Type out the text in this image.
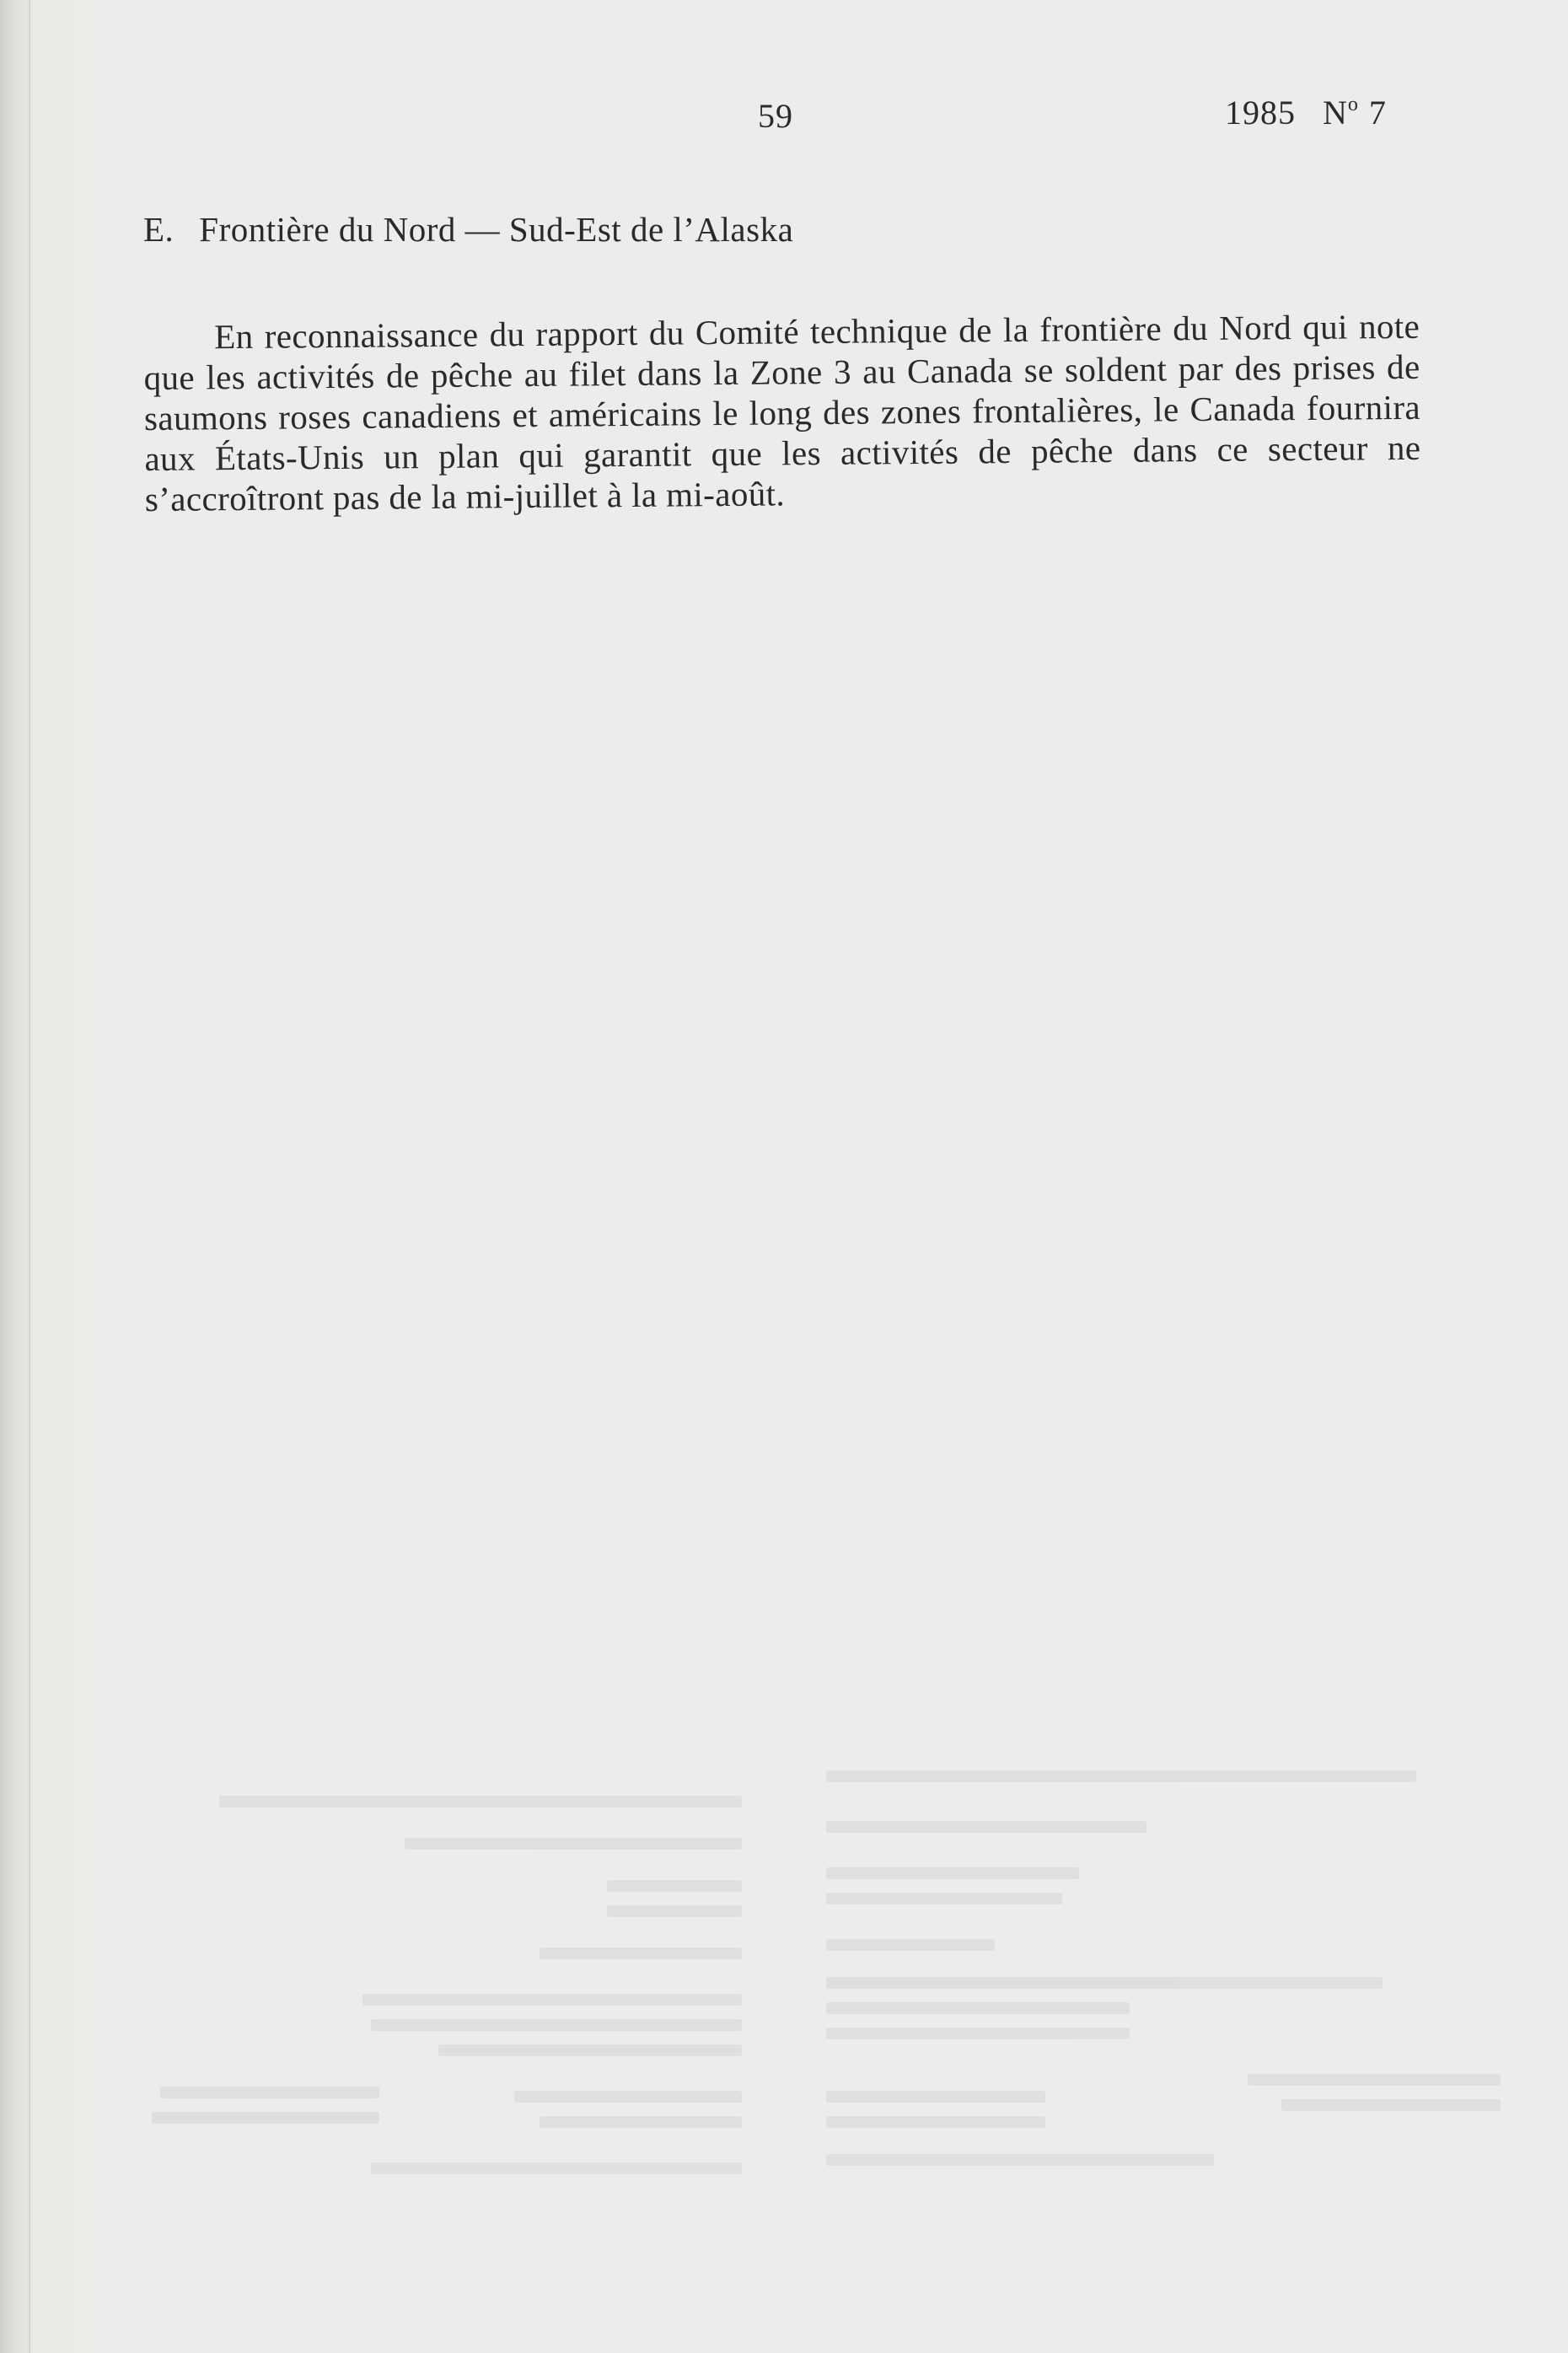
59	1985 $N^o$ 7
E. Frontière du Nord — Sud-Est de l’Alaska

En reconnaissance du rapport du Comité technique de la frontière du Nord qui note que les activités de pêche au filet dans la Zone 3 au Canada se soldent par des prises de saumons roses canadiens et américains le long des zones frontalières, le Canada fournira aux États-Unis un plan qui garantit que les activités de pêche dans ce secteur ne s’accroîtront pas de la mi-juillet à la mi-août.
